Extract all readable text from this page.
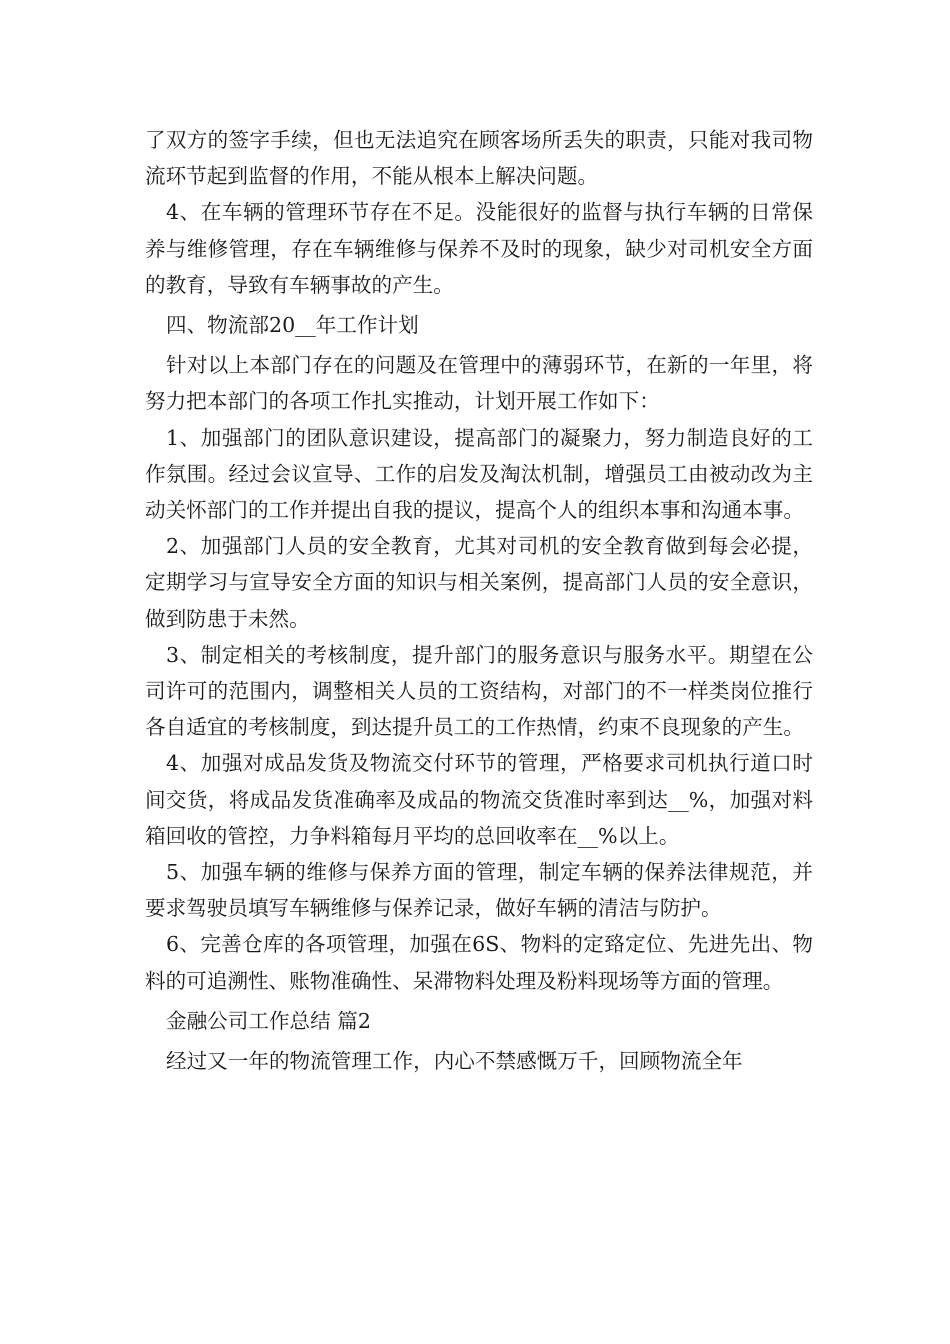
了双方的签字手续，但也无法追究在顾客场所丢失的职责，只能对我司物流环节起到监督的作用，不能从根本上解决问题。

4、在车辆的管理环节存在不足。没能很好的监督与执行车辆的日常保养与维修管理，存在车辆维修与保养不及时的现象，缺少对司机安全方面的教育，导致有车辆事故的产生。

四、物流部20__年工作计划

针对以上本部门存在的问题及在管理中的薄弱环节，在新的一年里，将努力把本部门的各项工作扎实推动，计划开展工作如下：

1、加强部门的团队意识建设，提高部门的凝聚力，努力制造良好的工作氛围。经过会议宣导、工作的启发及淘汰机制，增强员工由被动改为主动关怀部门的工作并提出自我的提议，提高个人的组织本事和沟通本事。

2、加强部门人员的安全教育，尤其对司机的安全教育做到每会必提，定期学习与宣导安全方面的知识与相关案例，提高部门人员的安全意识，做到防患于未然。

3、制定相关的考核制度，提升部门的服务意识与服务水平。期望在公司许可的范围内，调整相关人员的工资结构，对部门的不一样类岗位推行各自适宜的考核制度，到达提升员工的工作热情，约束不良现象的产生。

4、加强对成品发货及物流交付环节的管理，严格要求司机执行道口时间交货，将成品发货准确率及成品的物流交货准时率到达__%，加强对料箱回收的管控，力争料箱每月平均的总回收率在__%以上。

5、加强车辆的维修与保养方面的管理，制定车辆的保养法律规范，并要求驾驶员填写车辆维修与保养记录，做好车辆的清洁与防护。

6、完善仓库的各项管理，加强在6S、物料的定臵定位、先进先出、物料的可追溯性、账物准确性、呆滞物料处理及粉料现场等方面的管理。

金融公司工作总结 篇2

经过又一年的物流管理工作，内心不禁感慨万千，回顾物流全年
